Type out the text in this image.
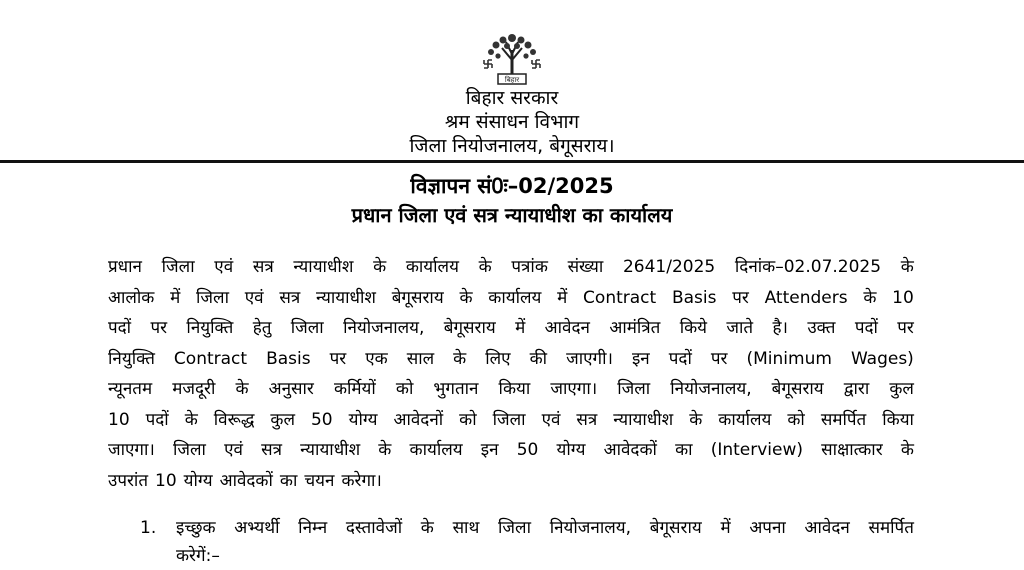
बिहार
बिहार सरकार
श्रम संसाधन विभाग
जिला नियोजनालय, बेगूसराय।
विज्ञापन सं0ः–02/2025
प्रधान जिला एवं सत्र न्यायाधीश का कार्यालय
प्रधान जिला एवं सत्र न्यायाधीश के कार्यालय के पत्रांक संख्या 2641/2025 दिनांक–02.07.2025 के
आलोक में जिला एवं सत्र न्यायाधीश बेगूसराय के कार्यालय में Contract Basis पर Attenders के 10
पदों पर नियुक्ति हेतु जिला नियोजनालय, बेगूसराय में आवेदन आमंत्रित किये जाते है। उक्त पदों पर
नियुक्ति Contract Basis पर एक साल के लिए की जाएगी। इन पदों पर (Minimum Wages)
न्यूनतम मजदूरी के अनुसार कर्मियों को भुगतान किया जाएगा। जिला नियोजनालय, बेगूसराय द्वारा कुल
10 पदों के विरूद्ध कुल 50 योग्य आवेदनों को जिला एवं सत्र न्यायाधीश के कार्यालय को समर्पित किया
जाएगा। जिला एवं सत्र न्यायाधीश के कार्यालय इन 50 योग्य आवेदकों का (Interview) साक्षात्कार के
उपरांत 10 योग्य आवेदकों का चयन करेगा।
1. इच्छुक अभ्यर्थी निम्न दस्तावेजों के साथ जिला नियोजनालय, बेगूसराय में अपना आवेदन समर्पित
करेगें :–
